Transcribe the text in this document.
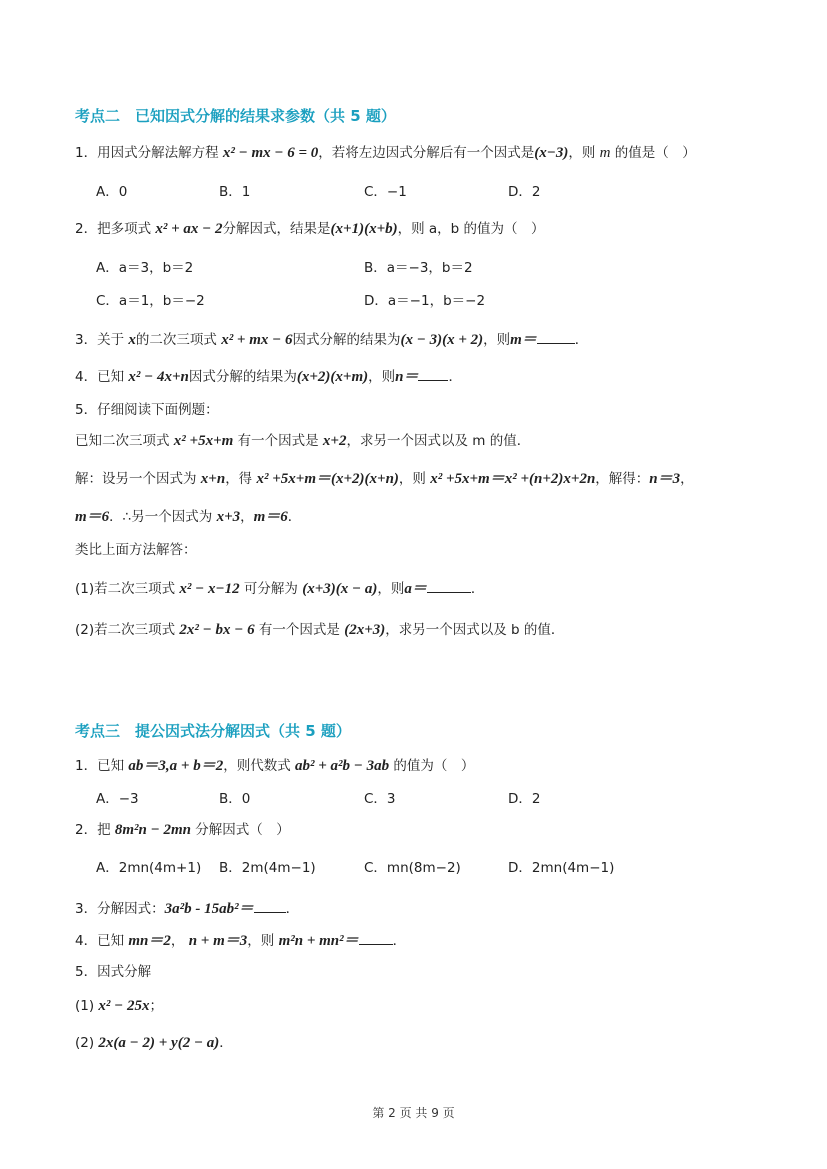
考点二　已知因式分解的结果求参数（共 5 题）
1．用因式分解法解方程 x² − mx − 6 = 0，若将左边因式分解后有一个因式是(x−3)，则 m 的值是（　）
A．0	B．1	C．−1	D．2
2．把多项式 x² + ax − 2分解因式，结果是(x+1)(x+b)，则 a，b 的值为（　）
A．a＝3，b＝2	B．a＝−3，b＝2
C．a＝1，b＝−2	D．a＝−1，b＝−2
3．关于 x的二次三项式 x² + mx − 6因式分解的结果为(x − 3)(x + 2)，则m＝	．
4．已知 x² − 4x+n因式分解的结果为(x+2)(x+m)，则n＝ ．
5．仔细阅读下面例题：
已知二次三项式 x² +5x+m 有一个因式是 x+2，求另一个因式以及 m 的值．
解：设另一个因式为 x+n，得 x² +5x+m＝(x+2)(x+n)，则 x² +5x+m＝x² +(n+2)x+2n，解得：n＝3，
m＝6．∴另一个因式为 x+3，m＝6．
类比上面方法解答：
(1)若二次三项式 x² − x−12 可分解为 (x+3)(x − a)，则a＝	．
(2)若二次三项式 2x² − bx − 6 有一个因式是 (2x+3)，求另一个因式以及 b 的值．
考点三　提公因式法分解因式（共 5 题）
1．已知 ab＝3,a + b＝2，则代数式 ab² + a²b − 3ab 的值为（　）
A．−3	B．0	C．3	D．2
2．把 8m²n − 2mn 分解因式（　）
A．2mn(4m+1) B．2m(4m−1)	C．mn(8m−2)	D．2mn(4m−1)
3．分解因式：3a²b - 15ab²＝ ．
4．已知 mn＝2， n + m＝3，则 m²n + mn²＝	．
5．因式分解
(1) x² − 25x；
(2) 2x(a − 2) + y(2 − a)．
第 2 页 共 9 页
